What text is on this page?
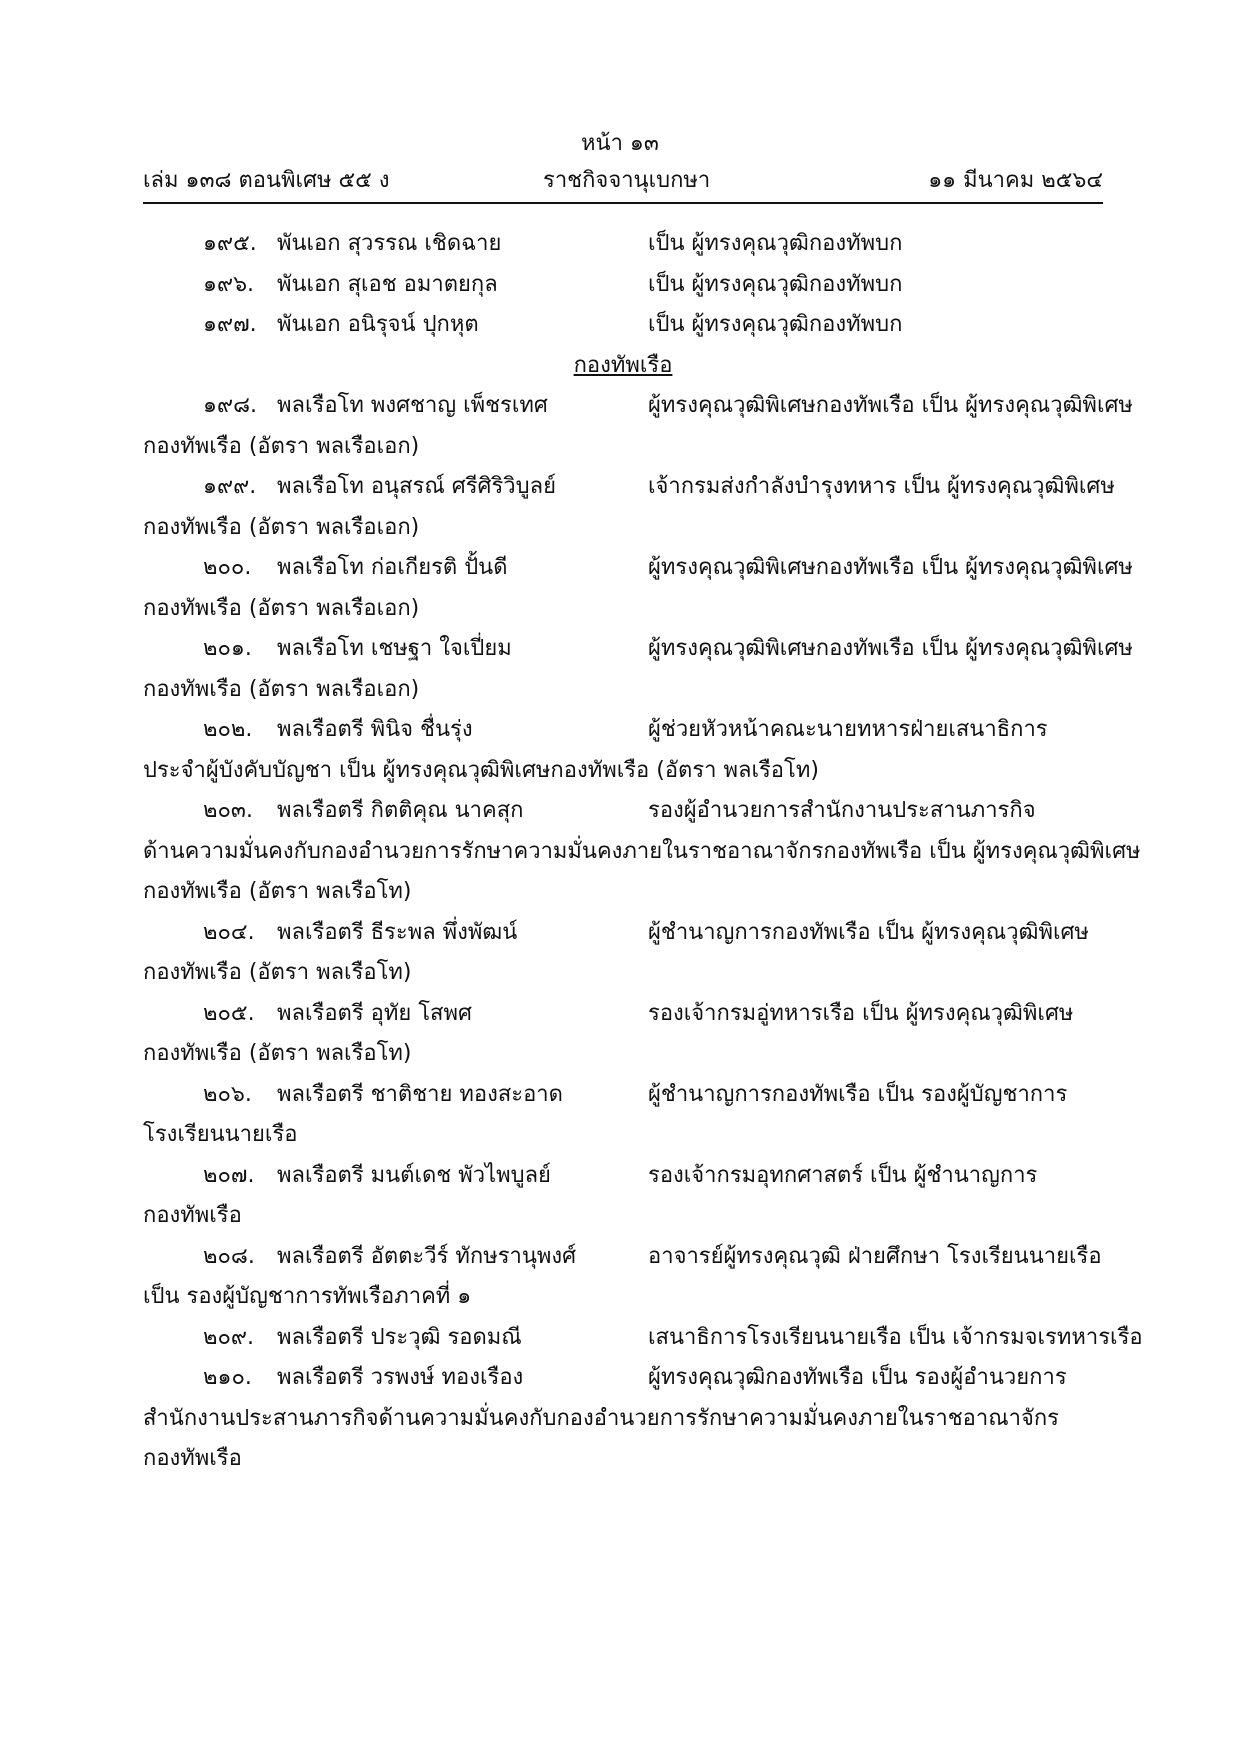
หน้า ๑๓
เล่ม ๑๓๘ ตอนพิเศษ ๕๕ ง	ราชกิจจานุเบกษา	๑๑ มีนาคม ๒๕๖๔
๑๙๕. พันเอก สุวรรณ เชิดฉาย	เป็น ผู้ทรงคุณวุฒิกองทัพบก
๑๙๖. พันเอก สุเอช อมาตยกุล	เป็น ผู้ทรงคุณวุฒิกองทัพบก
๑๙๗. พันเอก อนิรุจน์ ปุกหุต	เป็น ผู้ทรงคุณวุฒิกองทัพบก
กองทัพเรือ
๑๙๘. พลเรือโท พงศชาญ เพ็ชรเทศ	ผู้ทรงคุณวุฒิพิเศษกองทัพเรือ เป็น ผู้ทรงคุณวุฒิพิเศษ
กองทัพเรือ (อัตรา พลเรือเอก)
๑๙๙. พลเรือโท อนุสรณ์ ศรีศิริวิบูลย์	เจ้ากรมส่งกำลังบำรุงทหาร เป็น ผู้ทรงคุณวุฒิพิเศษ
กองทัพเรือ (อัตรา พลเรือเอก)
๒๐๐. พลเรือโท ก่อเกียรติ ปั้นดี	ผู้ทรงคุณวุฒิพิเศษกองทัพเรือ เป็น ผู้ทรงคุณวุฒิพิเศษ
กองทัพเรือ (อัตรา พลเรือเอก)
๒๐๑. พลเรือโท เชษฐา ใจเปี่ยม	ผู้ทรงคุณวุฒิพิเศษกองทัพเรือ เป็น ผู้ทรงคุณวุฒิพิเศษ
กองทัพเรือ (อัตรา พลเรือเอก)
๒๐๒. พลเรือตรี พินิจ ชื่นรุ่ง	ผู้ช่วยหัวหน้าคณะนายทหารฝ่ายเสนาธิการ
ประจำผู้บังคับบัญชา เป็น ผู้ทรงคุณวุฒิพิเศษกองทัพเรือ (อัตรา พลเรือโท)
๒๐๓. พลเรือตรี กิตติคุณ นาคสุก	รองผู้อำนวยการสำนักงานประสานภารกิจ
ด้านความมั่นคงกับกองอำนวยการรักษาความมั่นคงภายในราชอาณาจักรกองทัพเรือ เป็น ผู้ทรงคุณวุฒิพิเศษ
กองทัพเรือ (อัตรา พลเรือโท)
๒๐๔. พลเรือตรี ธีระพล พึ่งพัฒน์	ผู้ชำนาญการกองทัพเรือ เป็น ผู้ทรงคุณวุฒิพิเศษ
กองทัพเรือ (อัตรา พลเรือโท)
๒๐๕. พลเรือตรี อุทัย โสพศ	รองเจ้ากรมอู่ทหารเรือ เป็น ผู้ทรงคุณวุฒิพิเศษ
กองทัพเรือ (อัตรา พลเรือโท)
๒๐๖. พลเรือตรี ชาติชาย ทองสะอาด	ผู้ชำนาญการกองทัพเรือ เป็น รองผู้บัญชาการ
โรงเรียนนายเรือ
๒๐๗. พลเรือตรี มนต์เดช พัวไพบูลย์	รองเจ้ากรมอุทกศาสตร์ เป็น ผู้ชำนาญการ
กองทัพเรือ
๒๐๘. พลเรือตรี อัตตะวีร์ ทักษรานุพงศ์	อาจารย์ผู้ทรงคุณวุฒิ ฝ่ายศึกษา โรงเรียนนายเรือ
เป็น รองผู้บัญชาการทัพเรือภาคที่ ๑
๒๐๙. พลเรือตรี ประวุฒิ รอดมณี	เสนาธิการโรงเรียนนายเรือ เป็น เจ้ากรมจเรทหารเรือ
๒๑๐. พลเรือตรี วรพงษ์ ทองเรือง	ผู้ทรงคุณวุฒิกองทัพเรือ เป็น รองผู้อำนวยการ
สำนักงานประสานภารกิจด้านความมั่นคงกับกองอำนวยการรักษาความมั่นคงภายในราชอาณาจักร
กองทัพเรือ
